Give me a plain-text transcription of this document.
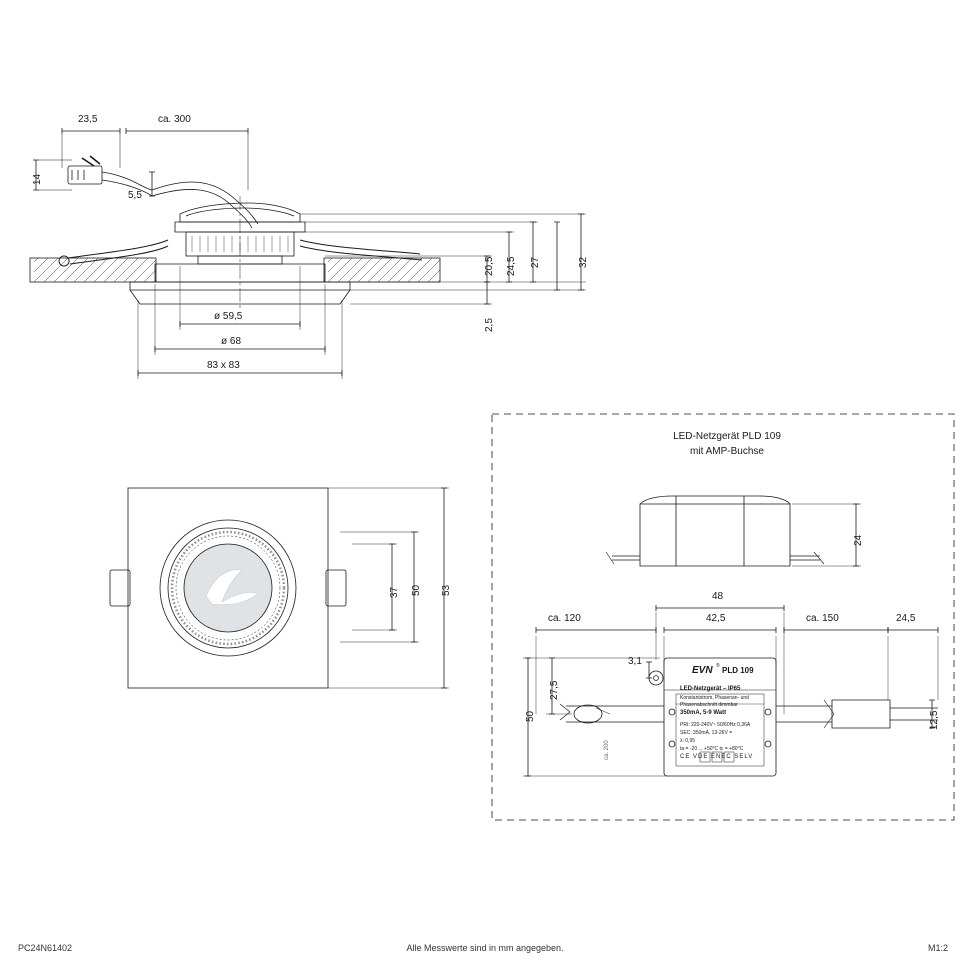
23,5	ca. 300
14
5,5
20,5 24,5 27	32
2,5
ø 59,5
ø 68
83 x 83
37 50 53
LED-Netzgerät PLD 109
mit AMP-Buchse
24
ca. 120
48
42,5	ca. 150	24,5
3,1
50
27,5
12,5
ca. 200
EVN ® PLD 109
LED-Netzgerät – IP65
Konstantstrom, Phasenan- und
Phasenabschnitt dimmbar
350mA, 5-9 Watt
PRI: 220-240V~ 50/60Hz 0,36A
SEC: 350mA, 13-26V =
λ: 0,95
ta = -20 ... +50°C tc = +80°C
CE VDE ENEC SELV
PC24N61402	Alle Messwerte sind in mm angegeben.	M1:2
